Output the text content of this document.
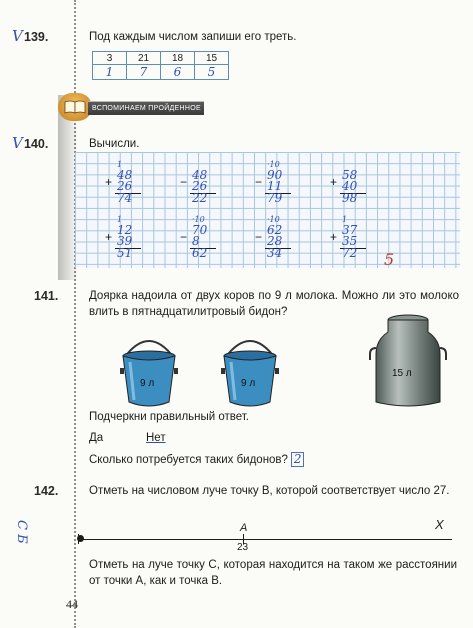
V 139.	Под каждым числом запиши его треть.
3	21	18	15
1	7	6	5
ВСПОМИНАЕМ ПРОЙДЕННОЕ
V 140.	Вычисли.
1
+ 48
26
74
− 48
26
22
·10
− 90
11
79
+ 58
40
98
1
+ 12
39
51
·10
− 70
8
62
·10
− 62
28
34
1
+ 37
35
72 5
141.	Доярка надоила от двух коров по 9 л молока. Можно ли это молоко влить в пятнадцатилитровый бидон?
9 л	9 л
15 л
Подчеркни правильный ответ.
Да	Нет
Сколько потребуется таких бидонов? 2
142.	Отметь на числовом луче точку B, которой соответствует число 27.
С Б	A
23
X
Отметь на луче точку C, которая находится на таком же расстоянии от точки A, как и точка B.
44
